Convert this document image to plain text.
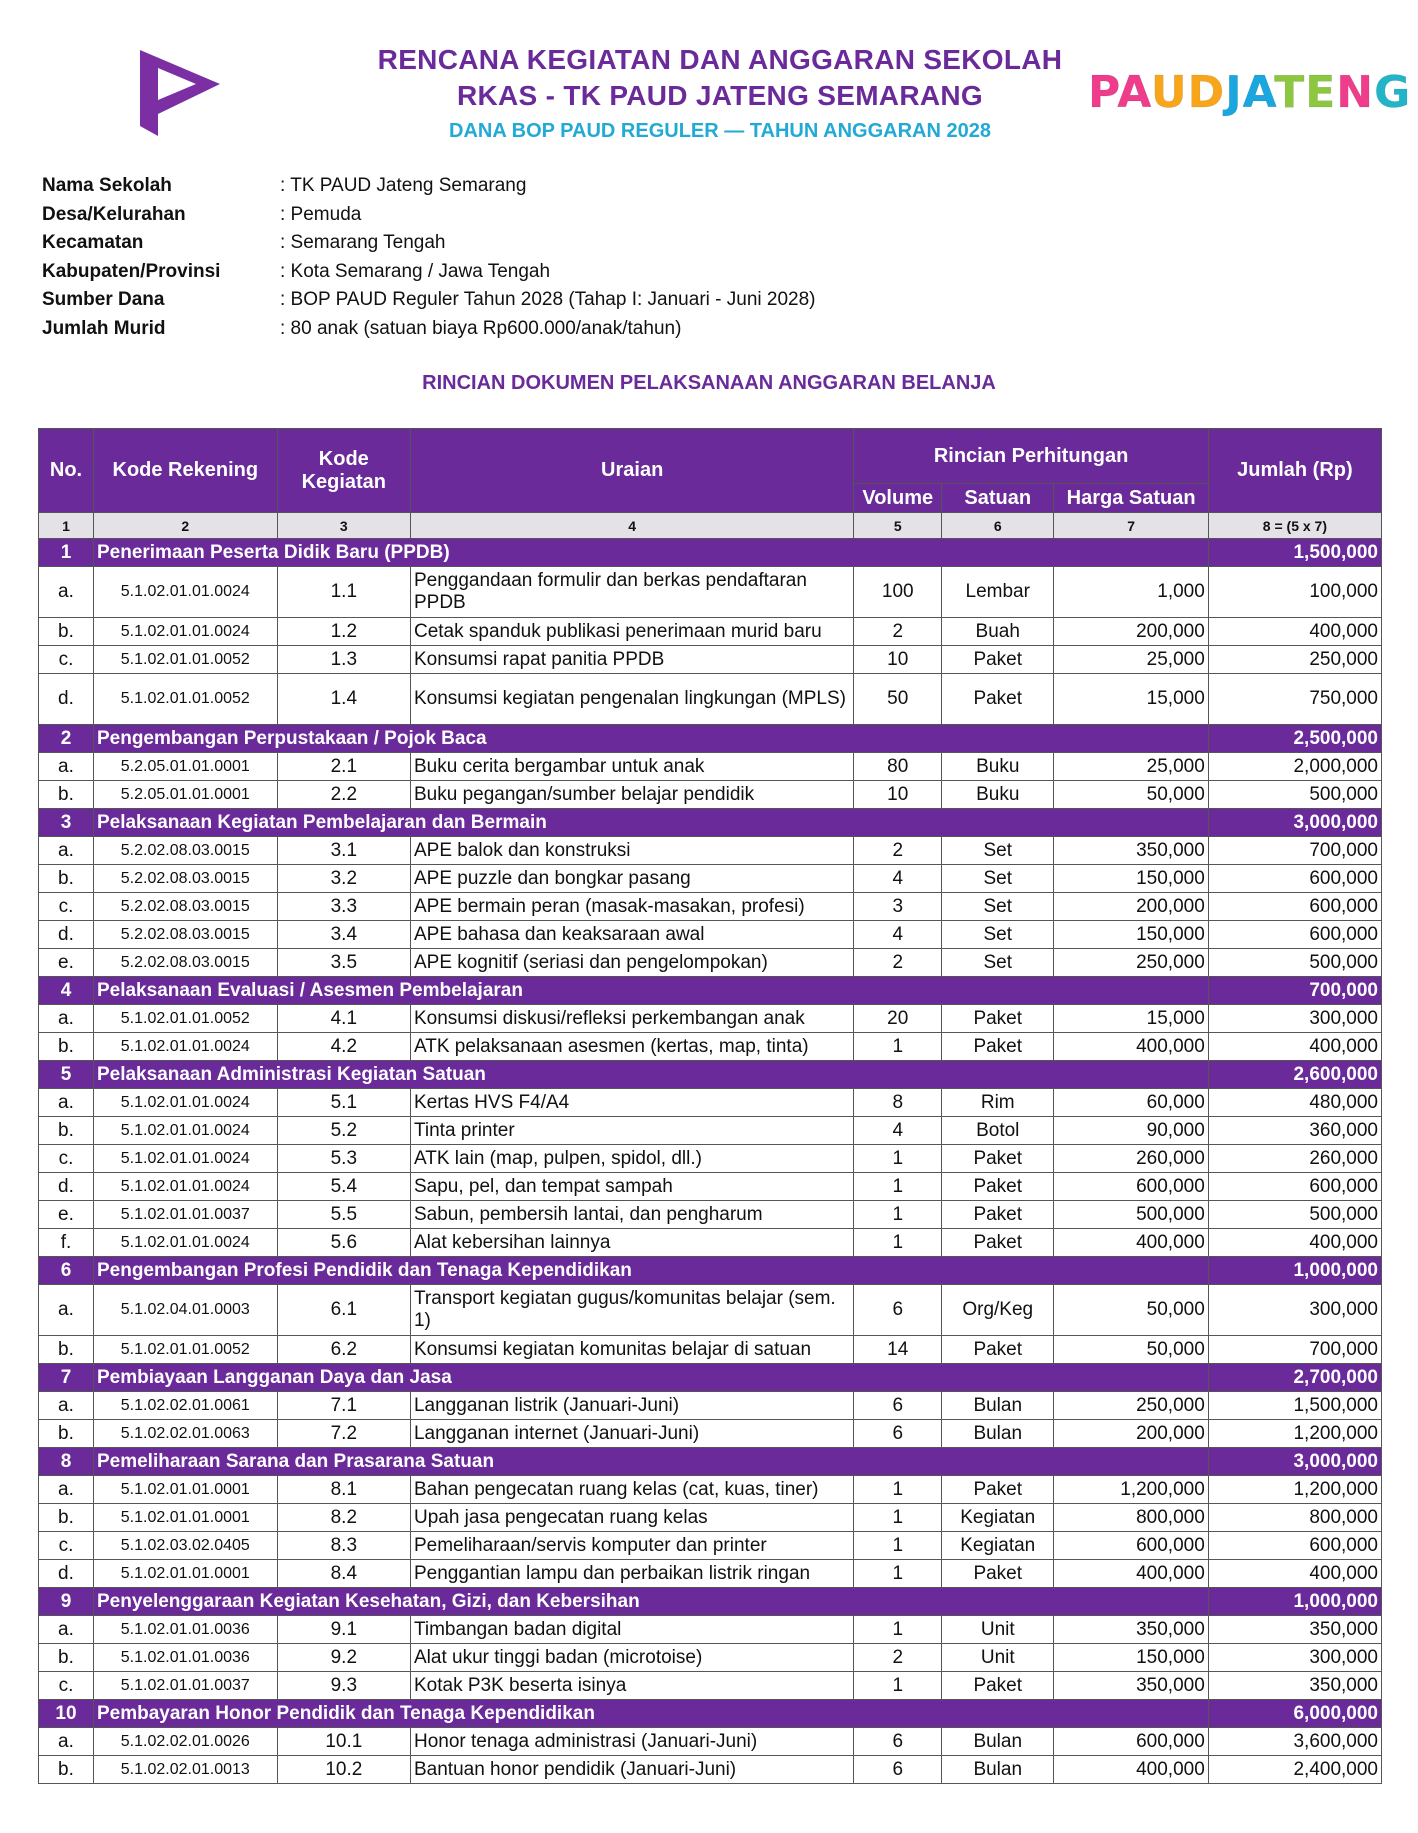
RENCANA KEGIATAN DAN ANGGARAN SEKOLAH
RKAS - TK PAUD JATENG SEMARANG
DANA BOP PAUD REGULER — TAHUN ANGGARAN 2028
PAUDJATENG
Nama Sekolah	: TK PAUD Jateng Semarang
Desa/Kelurahan	: Pemuda
Kecamatan	: Semarang Tengah
Kabupaten/Provinsi	: Kota Semarang / Jawa Tengah
Sumber Dana	: BOP PAUD Reguler Tahun 2028 (Tahap I: Januari - Juni 2028)
Jumlah Murid	: 80 anak (satuan biaya Rp600.000/anak/tahun)
RINCIAN DOKUMEN PELAKSANAAN ANGGARAN BELANJA
No.	Kode Rekening	Kode Kegiatan	Uraian	Rincian Perhitungan			Jumlah (Rp)
				Volume	Satuan	Harga Satuan	
1	2	3	4	5	6	7	8 = (5 x 7)
1	Penerimaan Peserta Didik Baru (PPDB)						1,500,000
a.	5.1.02.01.01.0024	1.1	Penggandaan formulir dan berkas pendaftaran PPDB	100	Lembar	1,000	100,000
b.	5.1.02.01.01.0024	1.2	Cetak spanduk publikasi penerimaan murid baru	2	Buah	200,000	400,000
c.	5.1.02.01.01.0052	1.3	Konsumsi rapat panitia PPDB	10	Paket	25,000	250,000
d.	5.1.02.01.01.0052	1.4	Konsumsi kegiatan pengenalan lingkungan (MPLS)	50	Paket	15,000	750,000
2	Pengembangan Perpustakaan / Pojok Baca						2,500,000
a.	5.2.05.01.01.0001	2.1	Buku cerita bergambar untuk anak	80	Buku	25,000	2,000,000
b.	5.2.05.01.01.0001	2.2	Buku pegangan/sumber belajar pendidik	10	Buku	50,000	500,000
3	Pelaksanaan Kegiatan Pembelajaran dan Bermain						3,000,000
a.	5.2.02.08.03.0015	3.1	APE balok dan konstruksi	2	Set	350,000	700,000
b.	5.2.02.08.03.0015	3.2	APE puzzle dan bongkar pasang	4	Set	150,000	600,000
c.	5.2.02.08.03.0015	3.3	APE bermain peran (masak-masakan, profesi)	3	Set	200,000	600,000
d.	5.2.02.08.03.0015	3.4	APE bahasa dan keaksaraan awal	4	Set	150,000	600,000
e.	5.2.02.08.03.0015	3.5	APE kognitif (seriasi dan pengelompokan)	2	Set	250,000	500,000
4	Pelaksanaan Evaluasi / Asesmen Pembelajaran						700,000
a.	5.1.02.01.01.0052	4.1	Konsumsi diskusi/refleksi perkembangan anak	20	Paket	15,000	300,000
b.	5.1.02.01.01.0024	4.2	ATK pelaksanaan asesmen (kertas, map, tinta)	1	Paket	400,000	400,000
5	Pelaksanaan Administrasi Kegiatan Satuan						2,600,000
a.	5.1.02.01.01.0024	5.1	Kertas HVS F4/A4	8	Rim	60,000	480,000
b.	5.1.02.01.01.0024	5.2	Tinta printer	4	Botol	90,000	360,000
c.	5.1.02.01.01.0024	5.3	ATK lain (map, pulpen, spidol, dll.)	1	Paket	260,000	260,000
d.	5.1.02.01.01.0024	5.4	Sapu, pel, dan tempat sampah	1	Paket	600,000	600,000
e.	5.1.02.01.01.0037	5.5	Sabun, pembersih lantai, dan pengharum	1	Paket	500,000	500,000
f.	5.1.02.01.01.0024	5.6	Alat kebersihan lainnya	1	Paket	400,000	400,000
6	Pengembangan Profesi Pendidik dan Tenaga Kependidikan						1,000,000
a.	5.1.02.04.01.0003	6.1	Transport kegiatan gugus/komunitas belajar (sem. 1)	6	Org/Keg	50,000	300,000
b.	5.1.02.01.01.0052	6.2	Konsumsi kegiatan komunitas belajar di satuan	14	Paket	50,000	700,000
7	Pembiayaan Langganan Daya dan Jasa						2,700,000
a.	5.1.02.02.01.0061	7.1	Langganan listrik (Januari-Juni)	6	Bulan	250,000	1,500,000
b.	5.1.02.02.01.0063	7.2	Langganan internet (Januari-Juni)	6	Bulan	200,000	1,200,000
8	Pemeliharaan Sarana dan Prasarana Satuan						3,000,000
a.	5.1.02.01.01.0001	8.1	Bahan pengecatan ruang kelas (cat, kuas, tiner)	1	Paket	1,200,000	1,200,000
b.	5.1.02.01.01.0001	8.2	Upah jasa pengecatan ruang kelas	1	Kegiatan	800,000	800,000
c.	5.1.02.03.02.0405	8.3	Pemeliharaan/servis komputer dan printer	1	Kegiatan	600,000	600,000
d.	5.1.02.01.01.0001	8.4	Penggantian lampu dan perbaikan listrik ringan	1	Paket	400,000	400,000
9	Penyelenggaraan Kegiatan Kesehatan, Gizi, dan Kebersihan						1,000,000
a.	5.1.02.01.01.0036	9.1	Timbangan badan digital	1	Unit	350,000	350,000
b.	5.1.02.01.01.0036	9.2	Alat ukur tinggi badan (microtoise)	2	Unit	150,000	300,000
c.	5.1.02.01.01.0037	9.3	Kotak P3K beserta isinya	1	Paket	350,000	350,000
10	Pembayaran Honor Pendidik dan Tenaga Kependidikan						6,000,000
a.	5.1.02.02.01.0026	10.1	Honor tenaga administrasi (Januari-Juni)	6	Bulan	600,000	3,600,000
b.	5.1.02.02.01.0013	10.2	Bantuan honor pendidik (Januari-Juni)	6	Bulan	400,000	2,400,000
